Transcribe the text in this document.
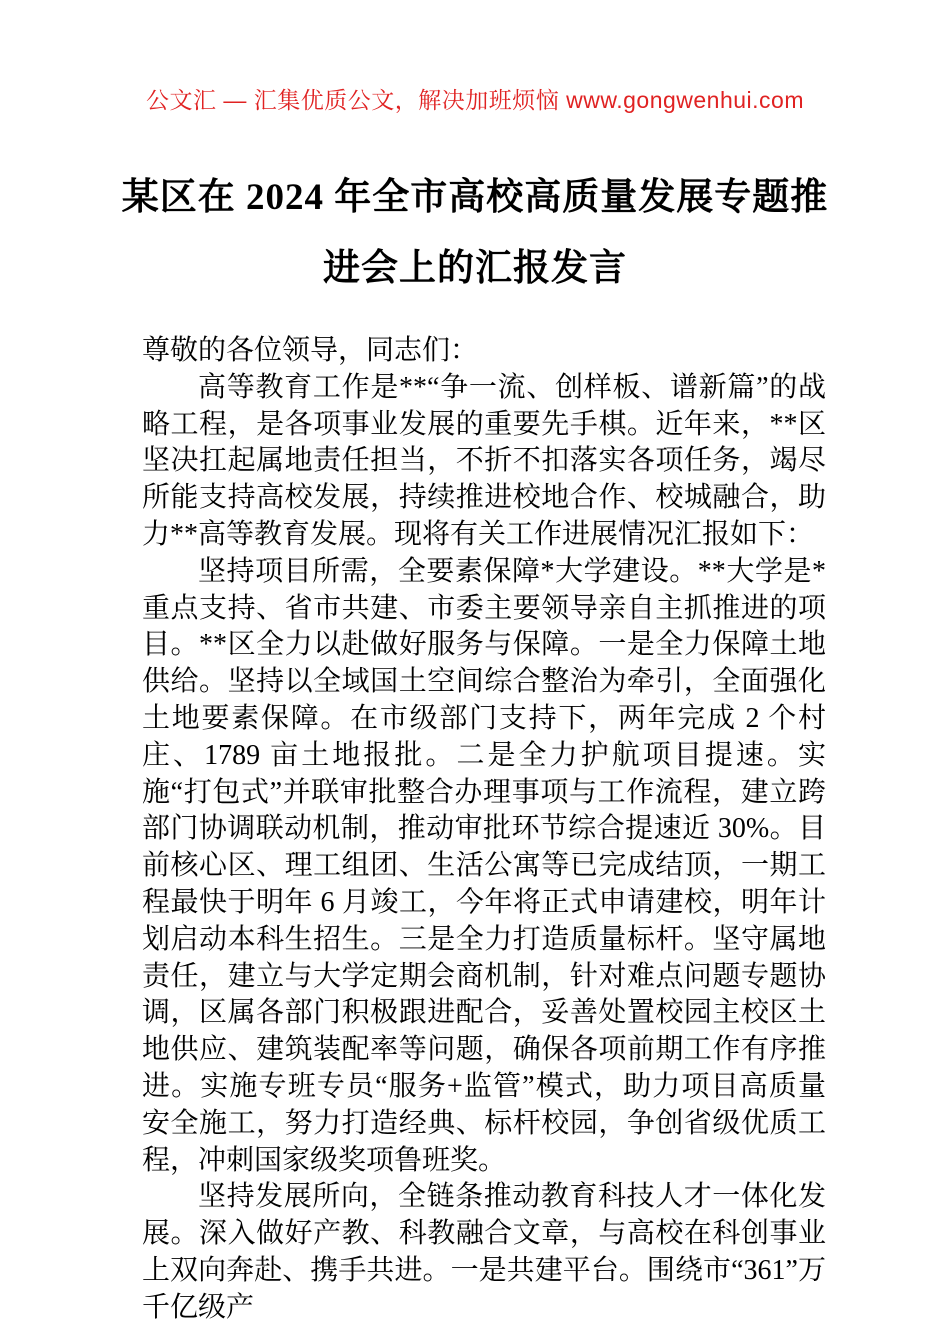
公文汇 — 汇集优质公文，解决加班烦恼 www.gongwenhui.com
某区在 2024 年全市高校高质量发展专题推
进会上的汇报发言

尊敬的各位领导，同志们：

高等教育工作是**“争一流、创样板、谱新篇”的战略工程，是各项事业发展的重要先手棋。近年来，**区坚决扛起属地责任担当，不折不扣落实各项任务，竭尽所能支持高校发展，持续推进校地合作、校城融合，助力**高等教育发展。现将有关工作进展情况汇报如下：

坚持项目所需，全要素保障*大学建设。**大学是*重点支持、省市共建、市委主要领导亲自主抓推进的项目。**区全力以赴做好服务与保障。一是全力保障土地供给。坚持以全域国土空间综合整治为牵引，全面强化土地要素保障。在市级部门支持下，两年完成 2 个村庄、1789 亩土地报批。二是全力护航项目提速。实施“打包式”并联审批整合办理事项与工作流程，建立跨部门协调联动机制，推动审批环节综合提速近 30%。目前核心区、理工组团、生活公寓等已完成结顶，一期工程最快于明年 6 月竣工，今年将正式申请建校，明年计划启动本科生招生。三是全力打造质量标杆。坚守属地责任，建立与大学定期会商机制，针对难点问题专题协调，区属各部门积极跟进配合，妥善处置校园主校区土地供应、建筑装配率等问题，确保各项前期工作有序推进。实施专班专员“服务+监管”模式，助力项目高质量安全施工，努力打造经典、标杆校园，争创省级优质工程，冲刺国家级奖项鲁班奖。

坚持发展所向，全链条推动教育科技人才一体化发展。深入做好产教、科教融合文章，与高校在科创事业上双向奔赴、携手共进。一是共建平台。围绕市“361”万千亿级产
